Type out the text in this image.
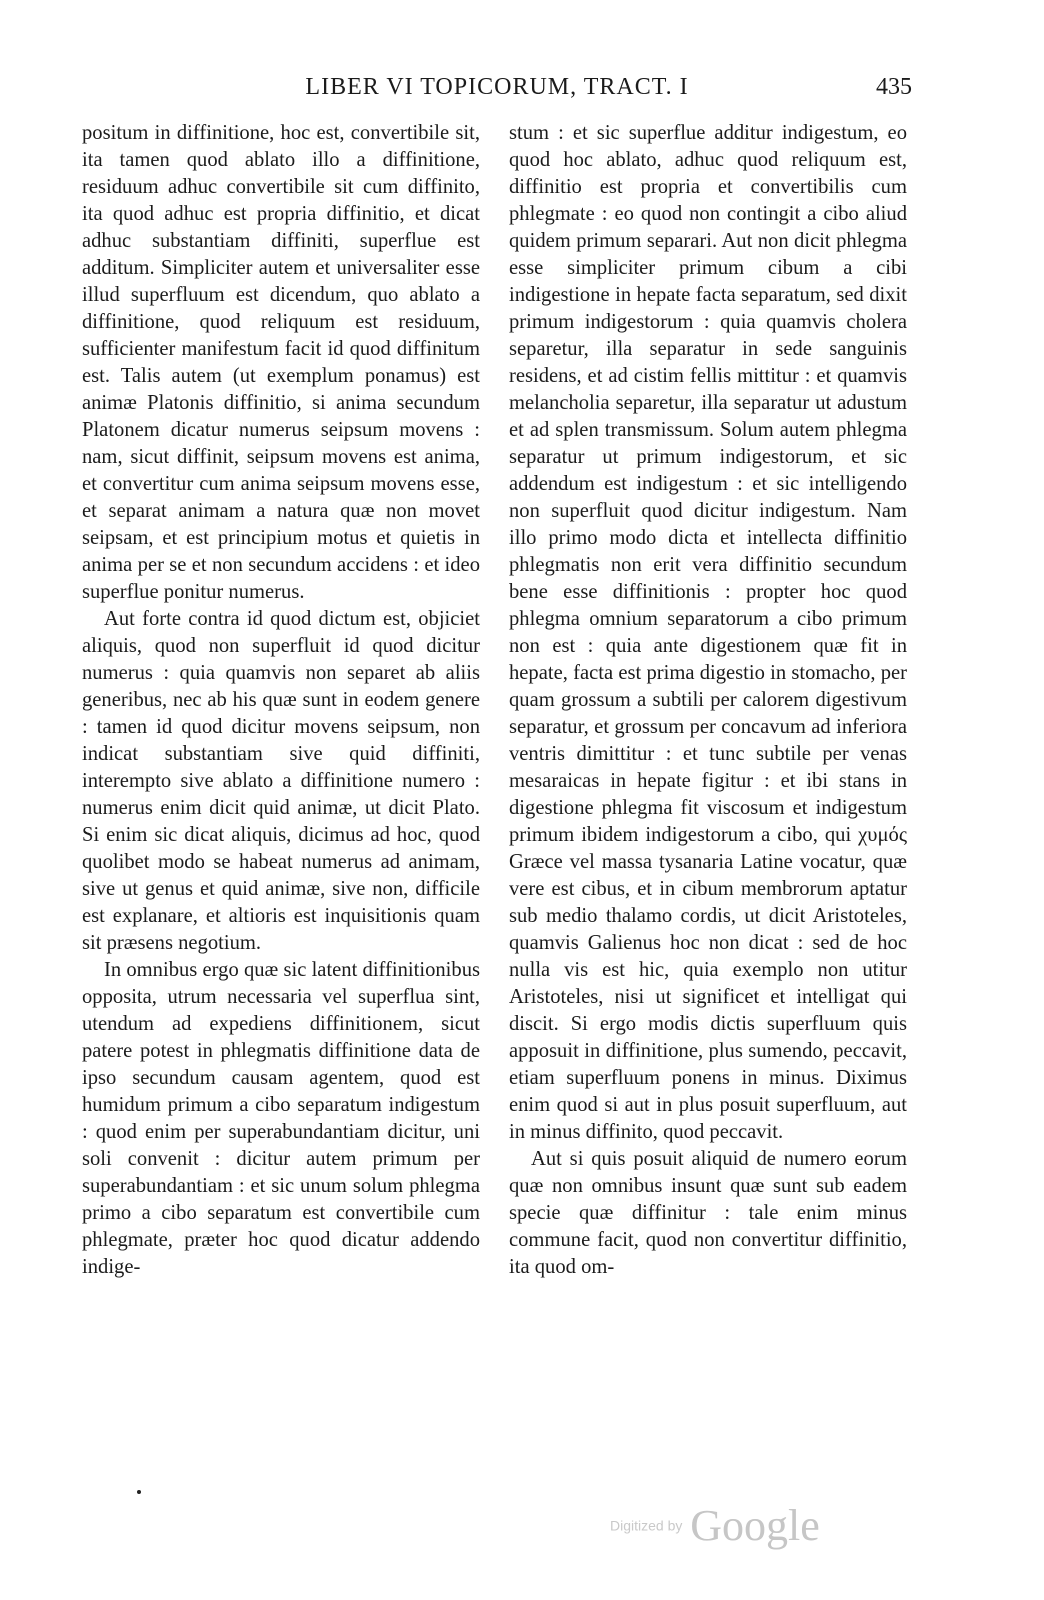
LIBER VI TOPICORUM, TRACT. I	435

positum in diffinitione, hoc est, convertibile sit, ita tamen quod ablato illo a diffinitione, residuum adhuc convertibile sit cum diffinito, ita quod adhuc est propria diffinitio, et dicat adhuc substantiam diffiniti, superflue est additum. Simpliciter autem et universaliter esse illud superfluum est dicendum, quo ablato a diffinitione, quod reliquum est residuum, sufficienter manifestum facit id quod diffinitum est. Talis autem (ut exemplum ponamus) est animæ Platonis diffinitio, si anima secundum Platonem dicatur numerus seipsum movens : nam, sicut diffinit, seipsum movens est anima, et convertitur cum anima seipsum movens esse, et separat animam a natura quæ non movet seipsam, et est principium motus et quietis in anima per se et non secundum accidens : et ideo superflue ponitur numerus.

Aut forte contra id quod dictum est, objiciet aliquis, quod non superfluit id quod dicitur numerus : quia quamvis non separet ab aliis generibus, nec ab his quæ sunt in eodem genere : tamen id quod dicitur movens seipsum, non indicat substantiam sive quid diffiniti, interempto sive ablato a diffinitione numero : numerus enim dicit quid animæ, ut dicit Plato. Si enim sic dicat aliquis, dicimus ad hoc, quod quolibet modo se habeat numerus ad animam, sive ut genus et quid animæ, sive non, difficile est explanare, et altioris est inquisitionis quam sit præsens negotium.

In omnibus ergo quæ sic latent diffinitionibus opposita, utrum necessaria vel superflua sint, utendum ad expediens diffinitionem, sicut patere potest in phlegmatis diffinitione data de ipso secundum causam agentem, quod est humidum primum a cibo separatum indigestum : quod enim per superabundantiam dicitur, uni soli convenit : dicitur autem primum per superabundantiam : et sic unum solum phlegma primo a cibo separatum est convertibile cum phlegmate, præter hoc quod dicatur addendo indige-

stum : et sic superflue additur indigestum, eo quod hoc ablato, adhuc quod reliquum est, diffinitio est propria et convertibilis cum phlegmate : eo quod non contingit a cibo aliud quidem primum separari. Aut non dicit phlegma esse simpliciter primum cibum a cibi indigestione in hepate facta separatum, sed dixit primum indigestorum : quia quamvis cholera separetur, illa separatur in sede sanguinis residens, et ad cistim fellis mittitur : et quamvis melancholia separetur, illa separatur ut adustum et ad splen transmissum. Solum autem phlegma separatur ut primum indigestorum, et sic addendum est indigestum : et sic intelligendo non superfluit quod dicitur indigestum. Nam illo primo modo dicta et intellecta diffinitio phlegmatis non erit vera diffinitio secundum bene esse diffinitionis : propter hoc quod phlegma omnium separatorum a cibo primum non est : quia ante digestionem quæ fit in hepate, facta est prima digestio in stomacho, per quam grossum a subtili per calorem digestivum separatur, et grossum per concavum ad inferiora ventris dimittitur : et tunc subtile per venas mesaraicas in hepate figitur : et ibi stans in digestione phlegma fit viscosum et indigestum primum ibidem indigestorum a cibo, qui χυμός Græce vel massa tysanaria Latine vocatur, quæ vere est cibus, et in cibum membrorum aptatur sub medio thalamo cordis, ut dicit Aristoteles, quamvis Galienus hoc non dicat : sed de hoc nulla vis est hic, quia exemplo non utitur Aristoteles, nisi ut significet et intelligat qui discit. Si ergo modis dictis superfluum quis apposuit in diffinitione, plus sumendo, peccavit, etiam superfluum ponens in minus. Diximus enim quod si aut in plus posuit superfluum, aut in minus diffinito, quod peccavit.

Aut si quis posuit aliquid de numero eorum quæ non omnibus insunt quæ sunt sub eadem specie quæ diffinitur : tale enim minus commune facit, quod non convertitur diffinitio, ita quod om-

Digitized by Google
